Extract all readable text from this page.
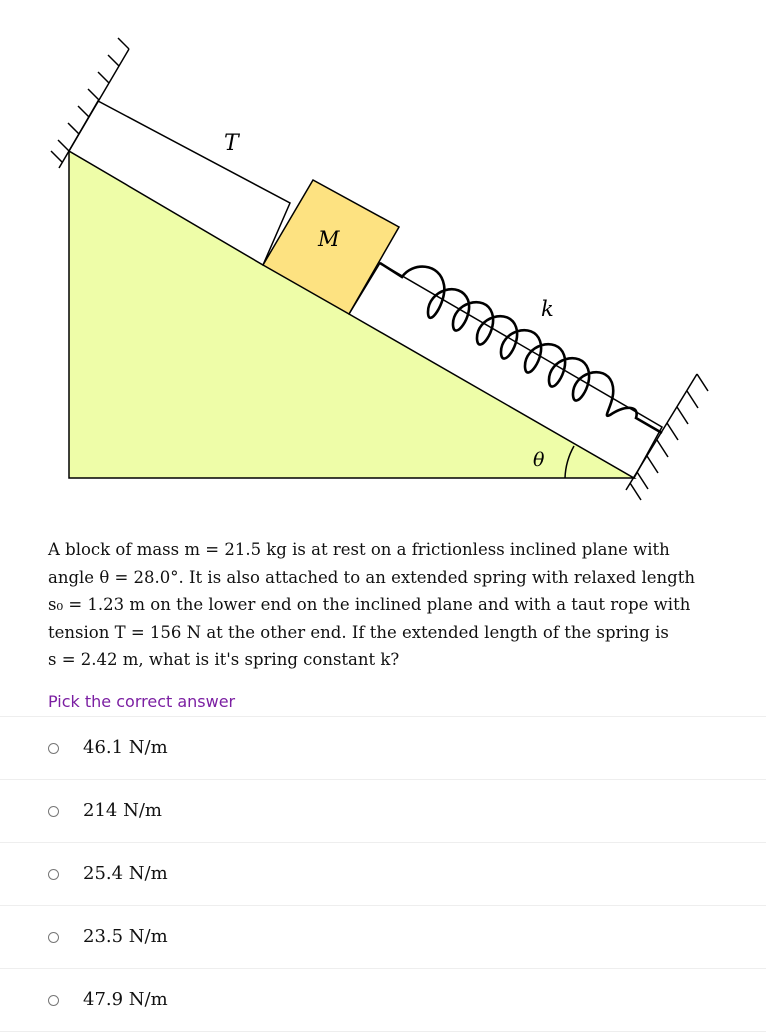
T
M
k
θ
A block of mass m = 21.5 kg is at rest on a frictionless inclined plane with
angle θ = 28.0°. It is also attached to an extended spring with relaxed length
s₀ = 1.23 m on the lower end on the inclined plane and with a taut rope with
tension T = 156 N at the other end. If the extended length of the spring is
s = 2.42 m, what is it's spring constant k?
Pick the correct answer
46.1 N/m
214 N/m
25.4 N/m
23.5 N/m
47.9 N/m
